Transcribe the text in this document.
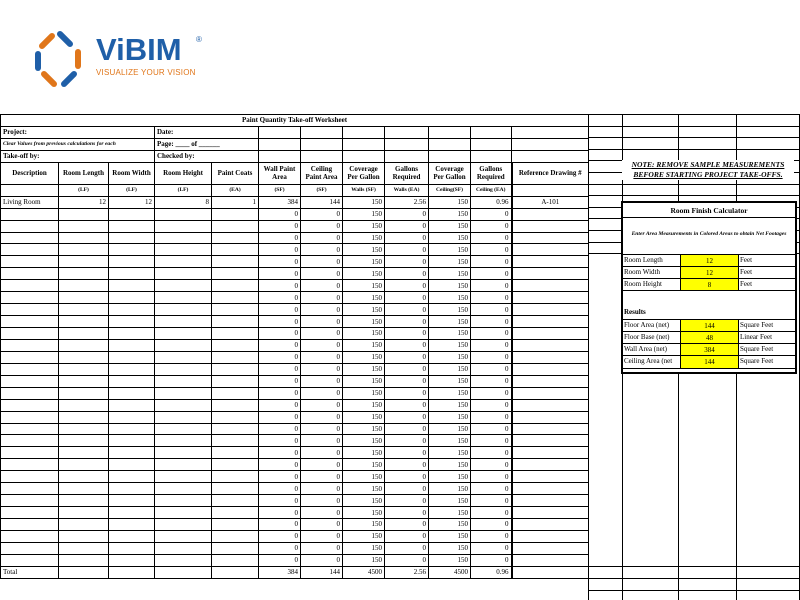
ViBIM ®
VISUALIZE YOUR VISION
Paint Quantity Take-off Worksheet											
Project:			Date:								
Clear Values from previous calculations for each			Page: ____ of ______								
Take-off by:			Checked by:								
Description	Room Length	Room Width	Room Height	Paint Coats	Wall Paint Area	Ceiling Paint Area	Coverage Per Gallon	Gallons Required	Coverage Per Gallon	Gallons Required	Reference Drawing #
	(LF)	(LF)	(LF)	(EA)	(SF)	(SF)	Walls (SF)	Walls (EA)	Ceiling(SF)	Ceiling (EA)	
Living Room	12	12	8	1	384	144	150	2.56	150	0.96	A-101
					0	0	150	0	150	0	
					0	0	150	0	150	0	
					0	0	150	0	150	0	
					0	0	150	0	150	0	
					0	0	150	0	150	0	
					0	0	150	0	150	0	
					0	0	150	0	150	0	
					0	0	150	0	150	0	
					0	0	150	0	150	0	
					0	0	150	0	150	0	
					0	0	150	0	150	0	
					0	0	150	0	150	0	
					0	0	150	0	150	0	
					0	0	150	0	150	0	
					0	0	150	0	150	0	
					0	0	150	0	150	0	
					0	0	150	0	150	0	
					0	0	150	0	150	0	
					0	0	150	0	150	0	
					0	0	150	0	150	0	
					0	0	150	0	150	0	
					0	0	150	0	150	0	
					0	0	150	0	150	0	
					0	0	150	0	150	0	
					0	0	150	0	150	0	
					0	0	150	0	150	0	
					0	0	150	0	150	0	
					0	0	150	0	150	0	
					0	0	150	0	150	0	
					0	0	150	0	150	0	
Total					384	144	4500	2.56	4500	0.96	
NOTE: REMOVE SAMPLE MEASUREMENTS BEFORE STARTING PROJECT TAKE-OFFS.
Room Finish Calculator
Enter Area Measurements in Colored Areas to obtain Net Footages
Room Length	12	Feet
Room Width	12	Feet
Room Height	8	Feet
Results
Floor Area (net)	144	Square Feet
Floor Base (net)	48	Linear Feet
Wall Area (net)	384	Square Feet
Ceiling Area (net	144	Square Feet
